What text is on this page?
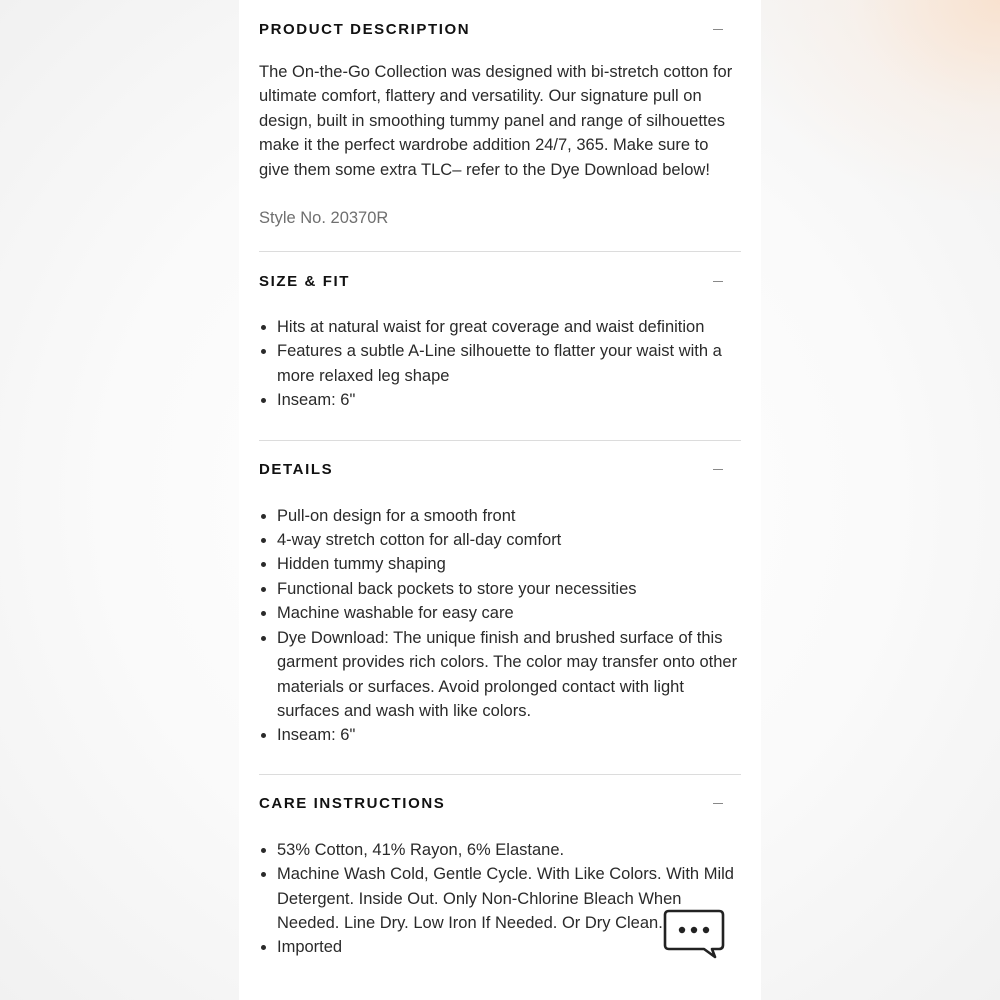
PRODUCT DESCRIPTION

The On-the-Go Collection was designed with bi-stretch cotton for ultimate comfort, flattery and versatility. Our signature pull on design, built in smoothing tummy panel and range of silhouettes make it the perfect wardrobe addition 24/7, 365. Make sure to give them some extra TLC– refer to the Dye Download below!

Style No. 20370R

SIZE & FIT
• Hits at natural waist for great coverage and waist definition
• Features a subtle A-Line silhouette to flatter your waist with a more relaxed leg shape
• Inseam: 6"
DETAILS
• Pull-on design for a smooth front
• 4-way stretch cotton for all-day comfort
• Hidden tummy shaping
• Functional back pockets to store your necessities
• Machine washable for easy care
• Dye Download: The unique finish and brushed surface of this garment provides rich colors. The color may transfer onto other materials or surfaces. Avoid prolonged contact with light surfaces and wash with like colors.
• Inseam: 6"
CARE INSTRUCTIONS
• 53% Cotton, 41% Rayon, 6% Elastane.
• Machine Wash Cold, Gentle Cycle. With Like Colors. With Mild Detergent. Inside Out. Only Non-Chlorine Bleach When Needed. Line Dry. Low Iron If Needed. Or Dry Clean.
• Imported
